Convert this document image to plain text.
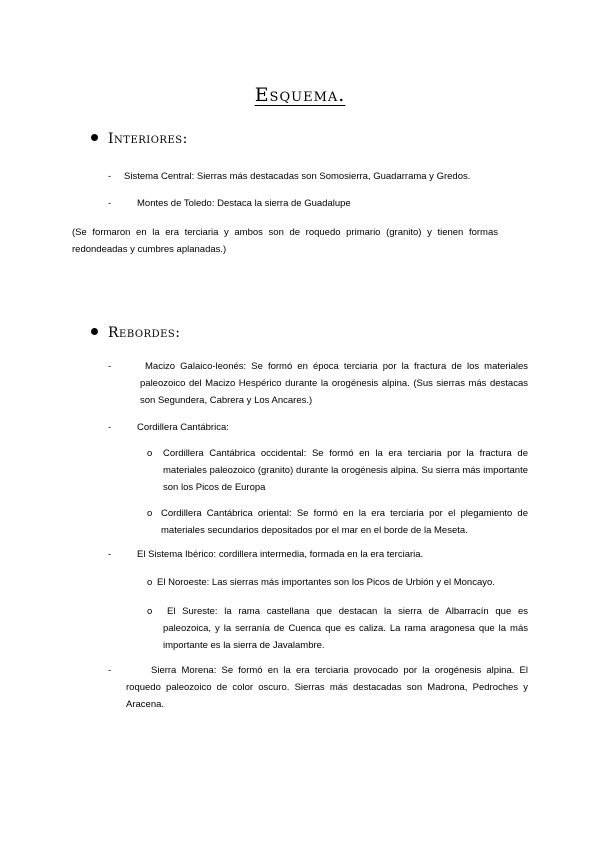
Esquema.
Interiores:
- Sistema Central: Sierras más destacadas son Somosierra, Guadarrama y Gredos.
-	Montes de Toledo: Destaca la sierra de Guadalupe
(Se formaron en la era terciaria y ambos son de roquedo primario (granito) y tienen formas redondeadas y cumbres aplanadas.)
Rebordes:
-	Macizo Galaico-leonés: Se formó en época terciaria por la fractura de los materiales paleozoico del Macizo Hespérico durante la orogénesis alpina. (Sus sierras más destacas son Segundera, Cabrera y Los Ancares.)
-	Cordillera Cantábrica:
o Cordillera Cantábrica occidental: Se formó en la era terciaria por la fractura de materiales paleozoico (granito) durante la orogénesis alpina. Su sierra más importante son los Picos de Europa
o Cordillera Cantábrica oriental: Se formó en la era terciaria por el plegamiento de materiales secundarios depositados por el mar en el borde de la Meseta.
-	El Sistema Ibérico: cordillera intermedia, formada en la era terciaria.
o El Noroeste: Las sierras más importantes son los Picos de Urbión y el Moncayo.
o	El Sureste: la rama castellana que destacan la sierra de Albarracín que es paleozoica, y la serranía de Cuenca que es caliza. La rama aragonesa que la más importante es la sierra de Javalambre.
-	Sierra Morena: Se formó en la era terciaria provocado por la orogénesis alpina. El roquedo paleozoico de color oscuro. Sierras más destacadas son Madrona, Pedroches y Aracena.
